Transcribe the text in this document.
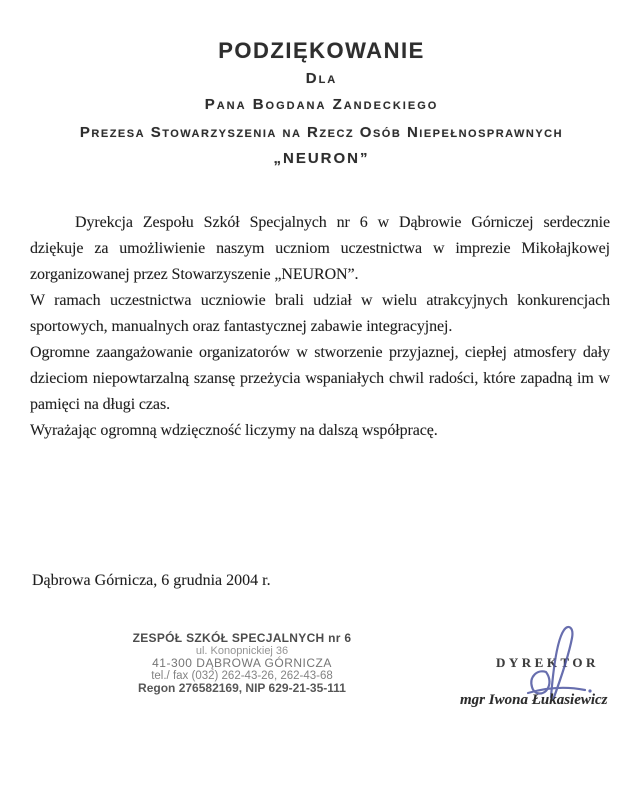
PODZIĘKOWANIE
Dla
Pana Bogdana Zandeckiego
Prezesa Stowarzyszenia na Rzecz Osób Niepełnosprawnych
„NEURON”

Dyrekcja Zespołu Szkół Specjalnych nr 6 w Dąbrowie Górniczej serdecznie dziękuje za umożliwienie naszym uczniom uczestnictwa w imprezie Mikołajkowej zorganizowanej przez Stowarzyszenie „NEURON”.

W ramach uczestnictwa uczniowie brali udział w wielu atrakcyjnych konkurencjach sportowych, manualnych oraz fantastycznej zabawie integracyjnej.

Ogromne zaangażowanie organizatorów w stworzenie przyjaznej, ciepłej atmosfery dały dzieciom niepowtarzalną szansę przeżycia wspaniałych chwil radości, które zapadną im w pamięci na długi czas.

Wyrażając ogromną wdzięczność liczymy na dalszą współpracę.

Dąbrowa Górnicza, 6 grudnia 2004 r.
ZESPÓŁ SZKÓŁ SPECJALNYCH nr 6
ul. Konopnickiej 36
41-300 DĄBROWA GÓRNICZA
tel./ fax (032) 262-43-26, 262-43-68
Regon 276582169, NIP 629-21-35-111
DYREKTOR
mgr Iwona Łukasiewicz
